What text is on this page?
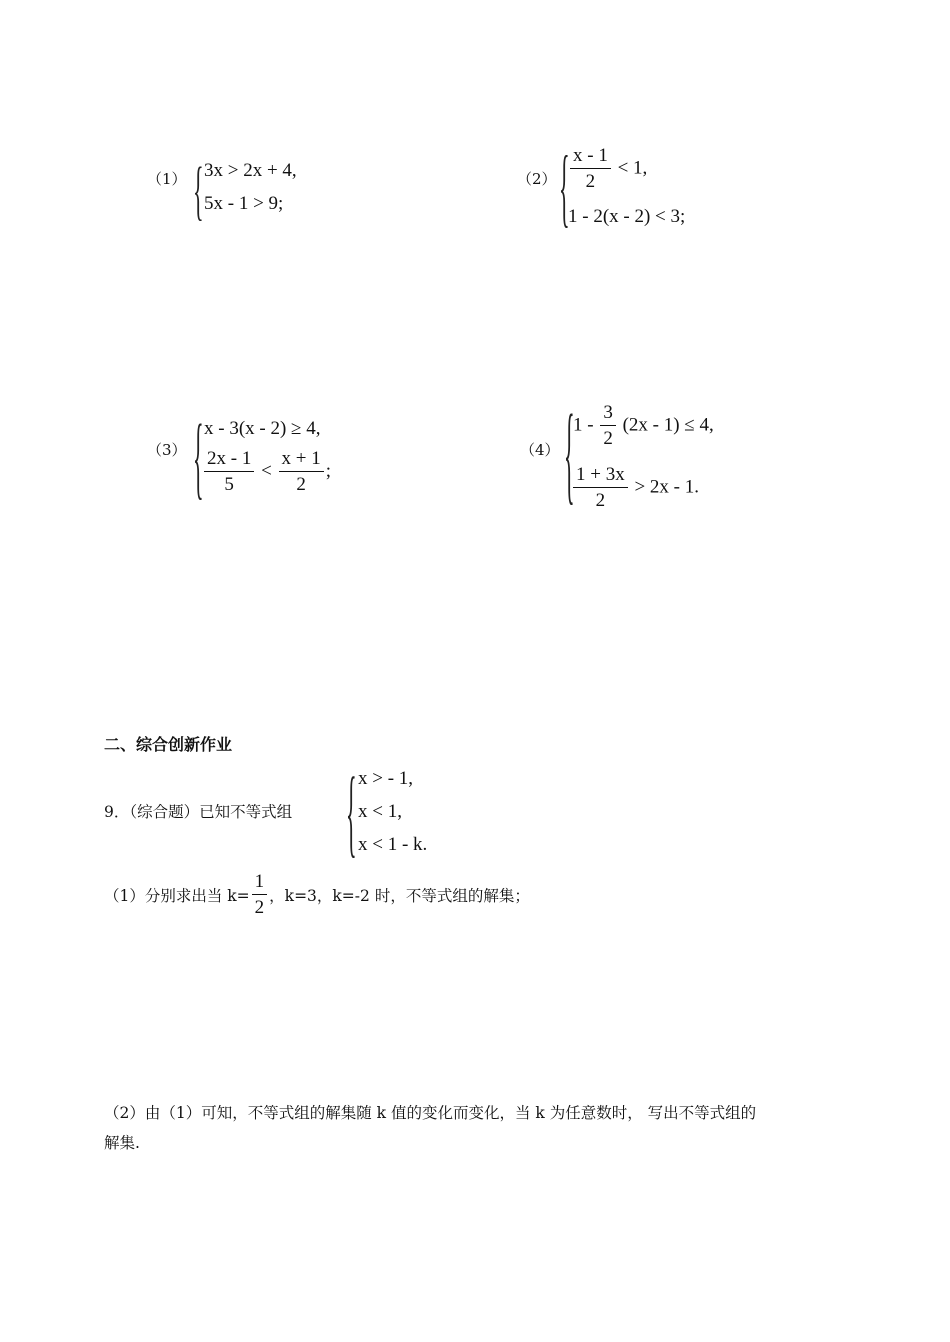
（1） { 3x > 2x + 4,
5x - 1 > 9;
（2） { $\frac{x - 1}{2} < 1$,
1 - 2(x - 2) < 3;
（3） { x - 3(x - 2) ≥ 4,
$\frac{2x - 1}{5} < \frac{x + 1}{2}$ ;
（4） {
$1 - \frac{3}{2} (2x - 1) \le 4$,
$\frac{1 + 3x}{2} > 2x - 1$.
二、综合创新作业
9．（综合题）已知不等式组 { x > - 1,
x < 1,
x < 1 - k.
（1）分别求出当 $k= \frac{1}{2}$ ，k=3，k=-2 时，不等式组的解集；
（2）由（1）可知，不等式组的解集随 k 值的变化而变化，当 k 为任意数时， 写出不等式组的
解集.
